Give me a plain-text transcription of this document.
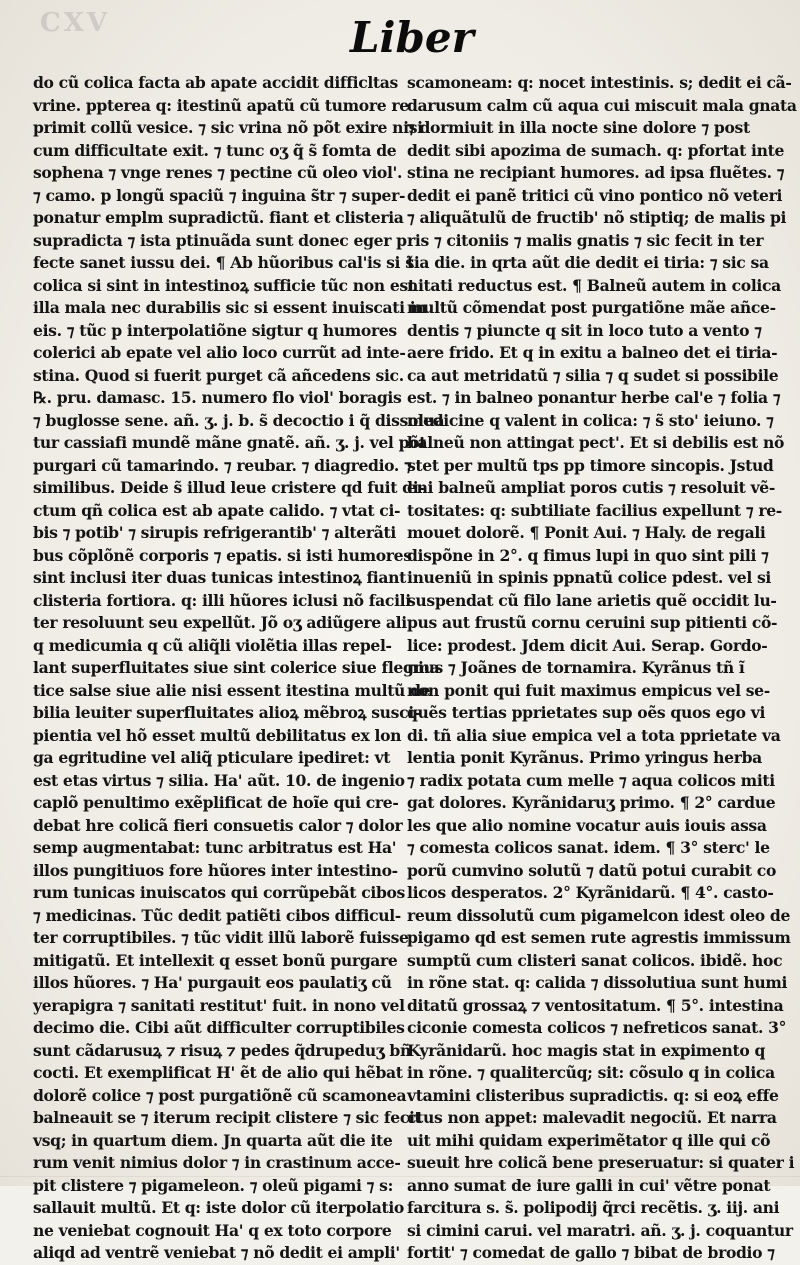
CXV	Liber
do cũ colica facta ab apate accidit difficltas
vrine. ppterea q: itestinũ apatũ cũ tumore re
primit collũ vesice. ⁊ sic vrina nõ põt exire nisi
cum difficultate exit. ⁊ tunc oʒ q̃ s̃ fomta de
sophena ⁊ vnge renes ⁊ pectine cũ oleo viol'.
⁊ camo. p longũ spaciũ ⁊ inguina s̃tr ⁊ super-
ponatur emplm supradictũ. fiant et clisteria
supradicta ⁊ ista ptinuãda sunt donec eger p
fecte sanet iussu dei. ¶ Ab hũoribus cal'is si s̃
colica si sint in intestinoꝝ sufficie tũc non est
illa mala nec durabilis sic si essent inuiscati in
eis. ⁊ tũc p interpolatiõne sigtur q humores
colerici ab epate vel alio loco currũt ad inte-
stina. Quod si fuerit purget cã añcedens sic.
℞. pru. damasc. 15. numero flo viol' boragis
⁊ buglosse sene. añ. ʒ. j. b. s̃ decoctio i q̃ dissolua
tur cassiafi mundẽ mãne gnatẽ. añ. ʒ. j. vel põt
purgari cũ tamarindo. ⁊ reubar. ⁊ diagredio. ⁊
similibus. Deide s̃ illud leue cristere qd fuit di-
ctum qñ colica est ab apate calido. ⁊ vtat ci-
bis ⁊ potib' ⁊ sirupis refrigerantib' ⁊ alterãti
bus cõplõnẽ corporis ⁊ epatis. si isti humores
sint inclusi iter duas tunicas intestinoꝝ fiant
clisteria fortiora. q: illi hũores iclusi nõ facili
ter resoluunt seu expellũt. Jõ oʒ adiũgere ali
q medicumia q cũ aliq̃li violẽtia illas repel-
lant superfluitates siue sint colerice siue flegma
tice salse siue alie nisi essent itestina multũ de
bilia leuiter superfluitates alioꝝ mẽbroꝝ susci-
pientia vel hõ esset multũ debilitatus ex lon
ga egritudine vel aliq̃ pticulare ipediret: vt
est etas virtus ⁊ silia. Ha' aũt. 10. de ingenio
caplõ penultimo exẽplificat de hoĩe qui cre-
debat hre colicã fieri consuetis calor ⁊ dolor
semp augmentabat: tunc arbitratus est Ha'
illos pungitiuos fore hũores inter intestino-
rum tunicas inuiscatos qui corrũpebãt cibos
⁊ medicinas. Tũc dedit patiẽti cibos difficul-
ter corruptibiles. ⁊ tũc vidit illũ laborẽ fuisse
mitigatũ. Et intellexit q esset bonũ purgare
illos hũores. ⁊ Ha' purgauit eos paulatiʒ cũ
yerapigra ⁊ sanitati restitut' fuit. in nono vel
decimo die. Cibi aũt difficulter corruptibiles
sunt cãdarusuꝝ ⁊ risuꝝ ⁊ pedes q̃drupeduʒ bñ
cocti. Et exemplificat H' ẽt de alio qui hẽbat
dolorẽ colice ⁊ post purgatiõnẽ cũ scamonea
balneauit se ⁊ iterum recipit clistere ⁊ sic fecit
vsq; in quartum diem. Jn quarta aũt die ite
rum venit nimius dolor ⁊ in crastinum acce-
pit clistere ⁊ pigameleon. ⁊ oleũ pigami ⁊ s:
sallauit multũ. Et q: iste dolor cũ iterpolatio
ne veniebat cognouit Ha' q ex toto corpore
aliqd ad ventrẽ veniebat ⁊ nõ dedit ei ampli'
scamoneam: q: nocet intestinis. s; dedit ei cã-
darusum calm cũ aqua cui miscuit mala gnata
⁊ dormiuit in illa nocte sine dolore ⁊ post
dedit sibi apozima de sumach. q: pfortat inte
stina ne recipiant humores. ad ipsa fluẽtes. ⁊
dedit ei panẽ tritici cũ vino pontico nõ veteri
⁊ aliquãtulũ de fructib' nõ stiptiq; de malis pi
ris ⁊ citoniis ⁊ malis gnatis ⁊ sic fecit in ter
tia die. in qrta aũt die dedit ei tiria: ⁊ sic sa
nitati reductus est. ¶ Balneũ autem in colica
multũ cõmendat post purgatiõne mãe añce-
dentis ⁊ piuncte q sit in loco tuto a vento ⁊
aere frido. Et q in exitu a balneo det ei tiria-
ca aut metridatũ ⁊ silia ⁊ q sudet si possibile
est. ⁊ in balneo ponantur herbe cal'e ⁊ folia ⁊
medicine q valent in colica: ⁊ s̃ sto' ieiuno. ⁊
balneũ non attingat pect'. Et si debilis est nõ
stet per multũ tps pp timore sincopis. Jstud
eni balneũ ampliat poros cutis ⁊ resoluit vẽ-
tositates: q: subtiliate facilius expellunt ⁊ re-
mouet dolorẽ. ¶ Ponit Aui. ⁊ Haly. de regali
dispõne in 2°. q fimus lupi in quo sint pili ⁊
inueniũ in spinis ppnatũ colice pdest. vel si
suspendat cũ filo lane arietis quẽ occidit lu-
pus aut frustũ cornu ceruini sup pitienti cõ-
lice: prodest. Jdem dicit Aui. Serap. Gordo-
nius ⁊ Joãnes de tornamira. Kyrãnus tñ ĩ
non ponit qui fuit maximus empicus vel se-
quẽs tertias pprietates sup oẽs quos ego vi
di. tñ alia siue empica vel a tota pprietate va
lentia ponit Kyrãnus. Primo yringus herba
⁊ radix potata cum melle ⁊ aqua colicos miti
gat dolores. Kyrãnidaruʒ primo. ¶ 2° cardue
les que alio nomine vocatur auis iouis assa
⁊ comesta colicos sanat. idem. ¶ 3° sterc' le
porũ cumvino solutũ ⁊ datũ potui curabit co
licos desperatos. 2° Kyrãnidarũ. ¶ 4°. casto-
reum dissolutũ cum pigamelcon idest oleo de
pigamo qd est semen rute agrestis immissum
sumptũ cum clisteri sanat colicos. ibidẽ. hoc
in rõne stat. q: calida ⁊ dissolutiua sunt humi
ditatũ grossaꝝ ⁊ ventositatum. ¶ 5°. intestina
ciconie comesta colicos ⁊ nefreticos sanat. 3°
Kyrãnidarũ. hoc magis stat in expimento q
in rõne. ⁊ qualitercũq; sit: cõsulo q in colica
vtamini clisteribus supradictis. q: si eoꝝ effe
ctus non appet: malevadit negociũ. Et narra
uit mihi quidam experimẽtator q ille qui cõ
sueuit hre colicã bene preseruatur: si quater i
anno sumat de iure galli in cui' vẽtre ponat
farcitura s. s̃. polipodij q̃rci recẽtis. ʒ. iij. ani
si cimini carui. vel maratri. añ. ʒ. j. coquantur
fortit' ⁊ comedat de gallo ⁊ bibat de brodio ⁊
